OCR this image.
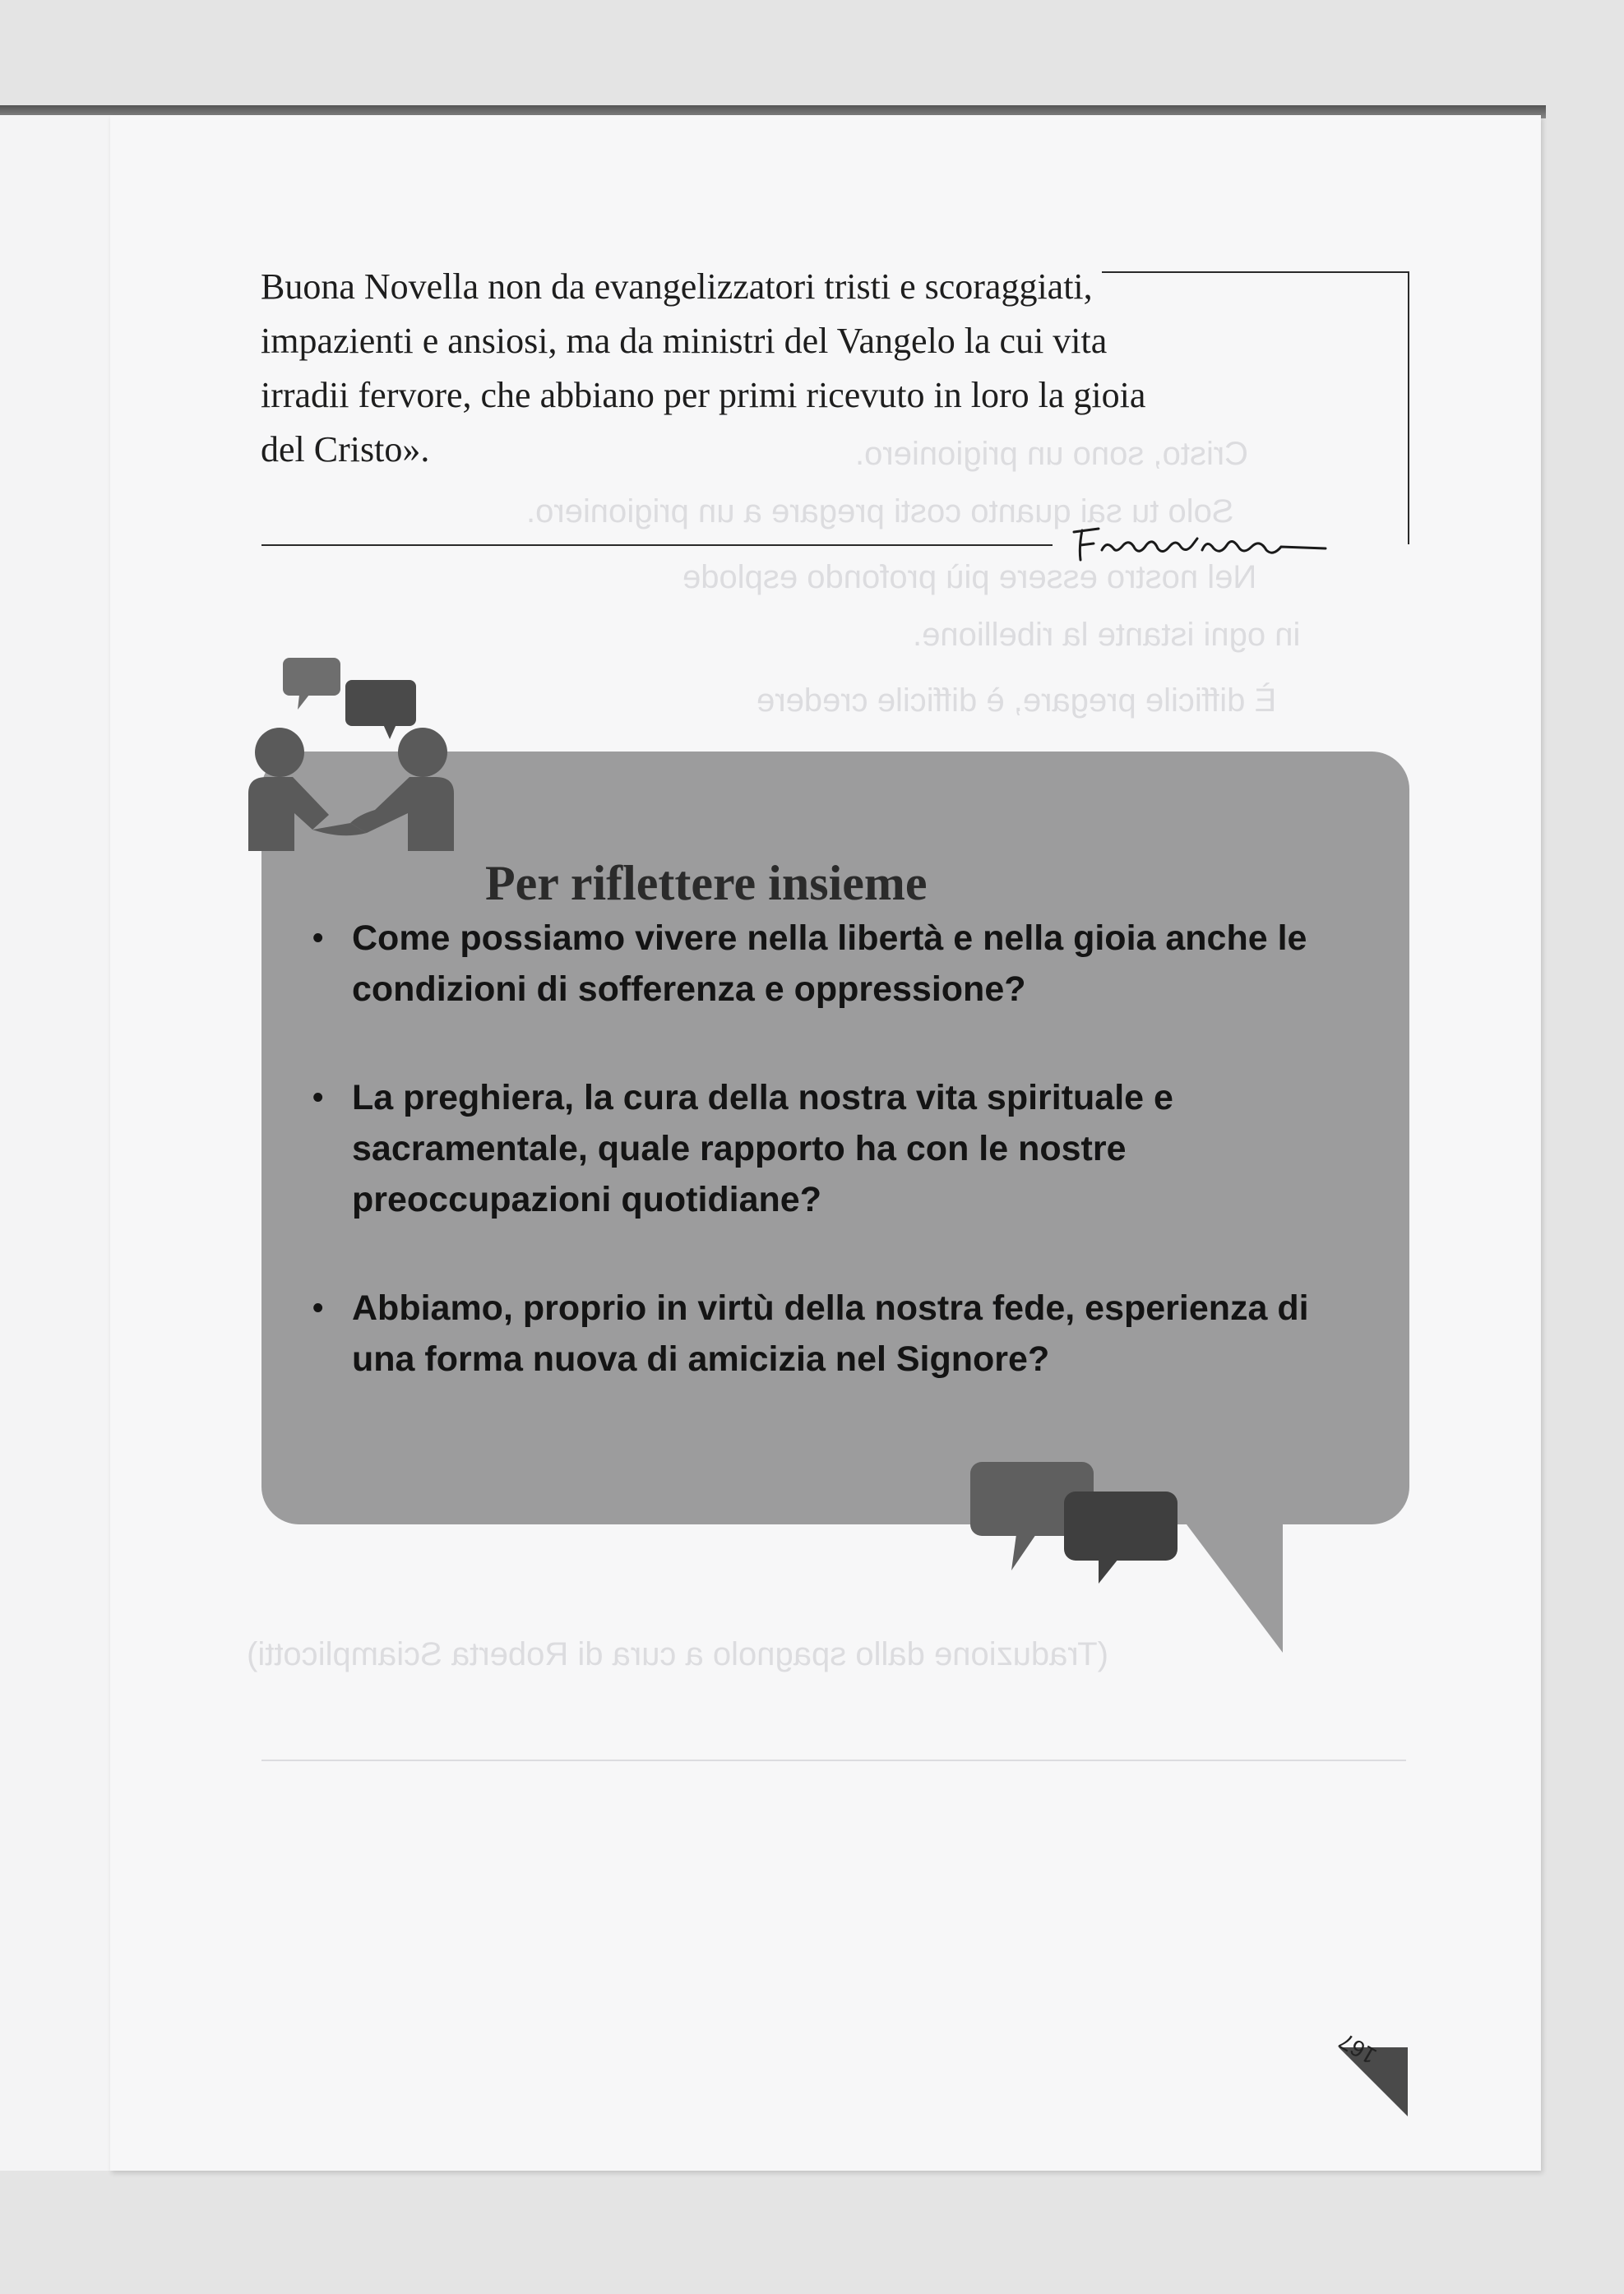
Cristo, sono un prigioniero.
Solo tu sai quanto costi pregare a un prigioniero.
Nel nostro essere più profondo esplode
in ogni istante la ribellione.
È difficile pregare, è difficile credere
(Traduzione dallo spagnolo a cura di Roberta Sciamplicotti)
Buona Novella non da evangelizzatori tristi e scoraggiati,
impazienti e ansiosi, ma da ministri del Vangelo la cui vita
irradii fervore, che abbiano per primi ricevuto in loro la gioia
del Cristo».
Per riflettere insieme
• Come possiamo vivere nella libertà e nella gioia anche le condizioni di sofferenza e oppressione?
• La preghiera, la cura della nostra vita spirituale e sacramentale, quale rapporto ha con le nostre preoccupazioni quotidiane?
• Abbiamo, proprio in virtù della nostra fede, esperienza di una forma nuova di amicizia nel Signore?
167
